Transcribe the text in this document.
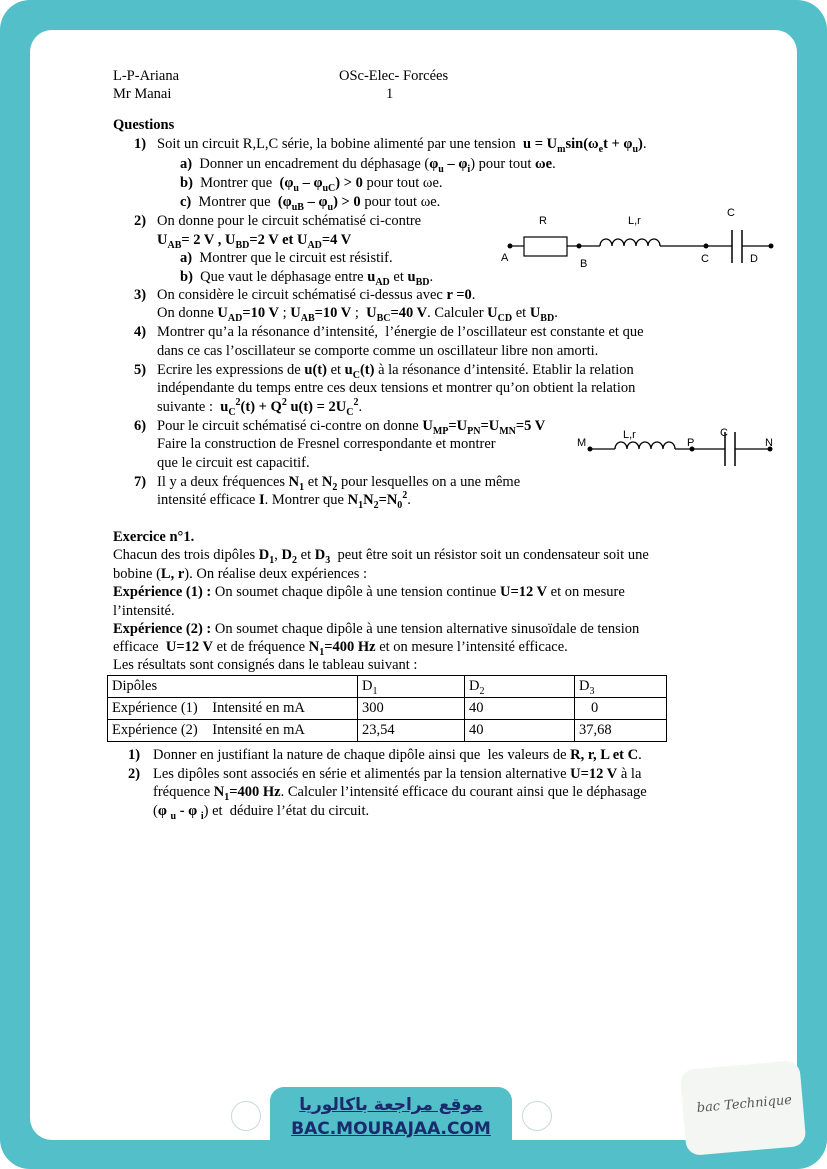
L-P-Ariana
Mr Manai
OSc-Elec- Forcées
1
Questions
1) Soit un circuit R,L,C série, la bobine alimenté par une tension  $u = U_m\sin(\omega_et + \varphi_u)$.
a)  Donner un encadrement du déphasage $(\varphi_u - \varphi_i)$ pour tout ωe.
b)  Montrer que  $(\varphi_u - \varphi_{uC}) > 0$ pour tout ωe.
c)  Montrer que  $(\varphi_{uB} - \varphi_u) > 0$ pour tout ωe.
2) On donne pour le circuit schématisé ci-contre
$U_{AB}= 2$ V , $U_{BD}=2$ V et $U_{AD}=4$ V
a)  Montrer que le circuit est résistif.
b)  Que vaut le déphasage entre $u_{AD}$ et $u_{BD}$.
R	L,r
C
A	B	C	D
3) On considère le circuit schématisé ci-dessus avec r =0.
On donne $U_{AD}=10$ V ; $U_{AB}=10$ V ;  $U_{BC}=40$ V. Calculer $U_{CD}$ et $U_{BD}$.
4) Montrer qu’a la résonance d’intensité,  l’énergie de l’oscillateur est constante et que
dans ce cas l’oscillateur se comporte comme un oscillateur libre non amorti.
5) Ecrire les expressions de u(t) et $u_C(t)$ à la résonance d’intensité. Etablir la relation
indépendante du temps entre ces deux tensions et montrer qu’on obtient la relation
suivante :  $u_C^2(t) + Q^2$ $u(t) = 2U_C^2$.
6) Pour le circuit schématisé ci-contre on donne $U_{MP}=U_{PN}=U_{MN}=5$ V
Faire la construction de Fresnel correspondante et montrer
que le circuit est capacitif.
M
L,r
P
C
N
7) Il y a deux fréquences $N_1$ et $N_2$ pour lesquelles on a une même
intensité efficace I. Montrer que $N_1N_2=N_0^2$.
Exercice n°1.
Chacun des trois dipôles $D_1$, $D_2$ et $D_3$  peut être soit un résistor soit un condensateur soit une
bobine (L, r). On réalise deux expériences :
Expérience (1) : On soumet chaque dipôle à une tension continue U=12 V et on mesure
l’intensité.
Expérience (2) : On soumet chaque dipôle à une tension alternative sinusoïdale de tension
efficace  U=12 V et de fréquence $N_1=400$ Hz et on mesure l’intensité efficace.
Les résultats sont consignés dans le tableau suivant :
Dipôles	$D_1$	$D_2$	$D_3$
Expérience (1) Intensité en mA	300	40	0
Expérience (2) Intensité en mA	23,54	40	37,68
1) Donner en justifiant la nature de chaque dipôle ainsi que  les valeurs de R, r, L et C.
2) Les dipôles sont associés en série et alimentés par la tension alternative U=12 V à la
fréquence $N_1=400$ Hz. Calculer l’intensité efficace du courant ainsi que le déphasage
(φ $_u$ - φ $_i$) et  déduire l’état du circuit.
موقع مراجعة باكالوريا
BAC.MOURAJAA.COM
bac Technique
